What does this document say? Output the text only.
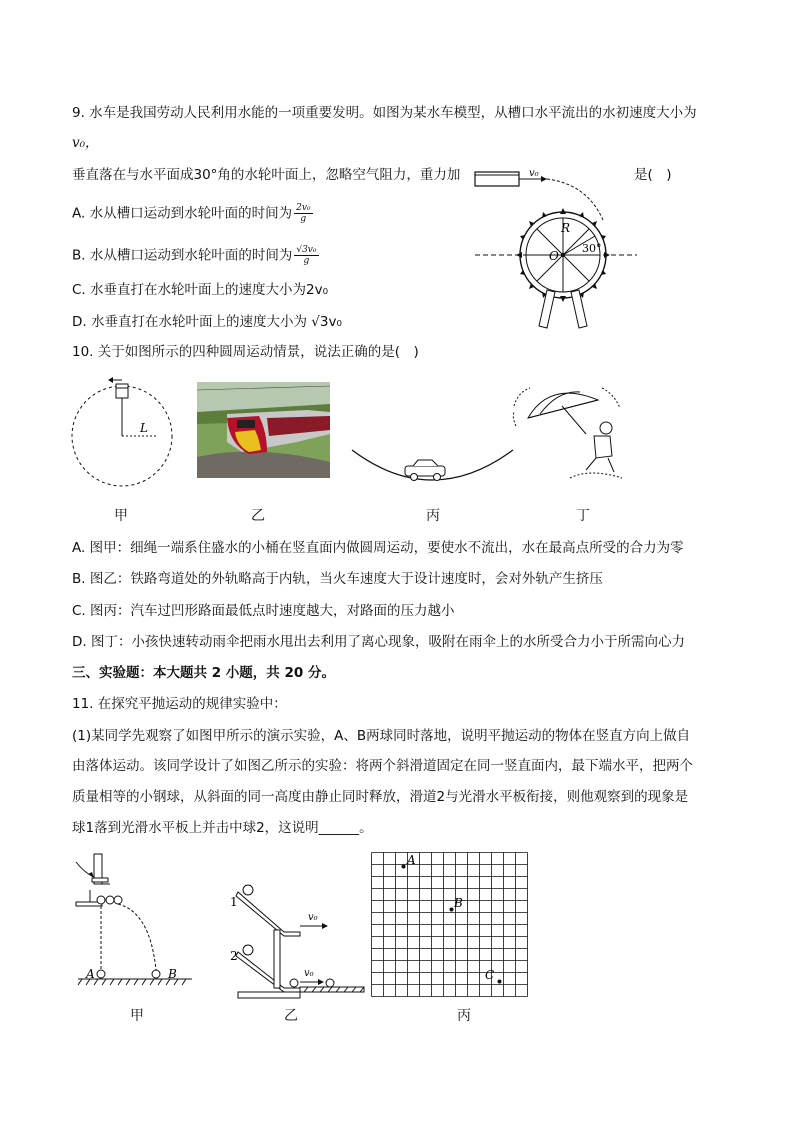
9. 水车是我国劳动人民利用水能的一项重要发明。如图为某水车模型，从槽口水平流出的水初速度大小为
v₀，
垂直落在与水平面成30°角的水轮叶面上，忽略空气阻力，重力加	是(　)
A. 水从槽口运动到水轮叶面的时间为 $\frac{\text{2v₀}}{g}$
B. 水从槽口运动到水轮叶面的时间为 $\frac{\text{√3v₀}}{g}$
C. 水垂直打在水轮叶面上的速度大小为2v₀
D. 水垂直打在水轮叶面上的速度大小为 √3v₀
v₀
O
R
30°
10. 关于如图所示的四种圆周运动情景，说法正确的是(　)
L
甲	乙	丙	丁
A. 图甲：细绳一端系住盛水的小桶在竖直面内做圆周运动，要使水不流出，水在最高点所受的合力为零
B. 图乙：铁路弯道处的外轨略高于内轨，当火车速度大于设计速度时，会对外轨产生挤压
C. 图丙：汽车过凹形路面最低点时速度越大，对路面的压力越小
D. 图丁：小孩快速转动雨伞把雨水甩出去利用了离心现象，吸附在雨伞上的水所受合力小于所需向心力
三、实验题：本大题共 2 小题，共 20 分。
11. 在探究平抛运动的规律实验中：
(1)某同学先观察了如图甲所示的演示实验，A、B两球同时落地，说明平抛运动的物体在竖直方向上做自
由落体运动。该同学设计了如图乙所示的实验：将两个斜滑道固定在同一竖直面内，最下端水平，把两个
质量相等的小钢球，从斜面的同一高度由静止同时释放，滑道2与光滑水平板衔接，则他观察到的现象是
球1落到光滑水平板上并击中球2，这说明______。
A	B
1
2
v₀
v₀
A
B
C
甲	乙	丙
